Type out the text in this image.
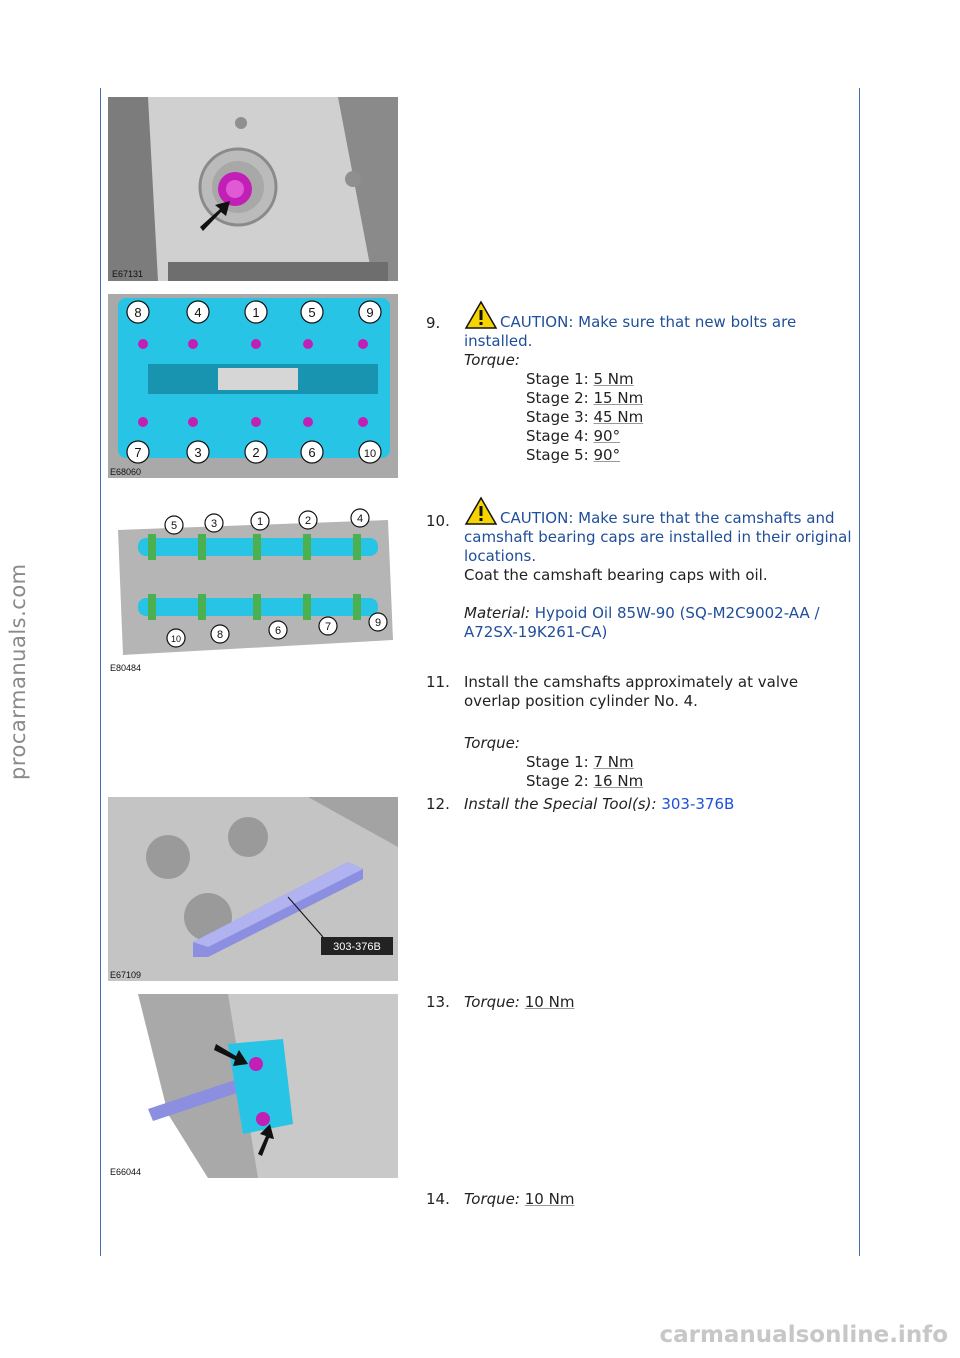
procarmanuals.com
carmanualsonline.info
E67131
8	4	1	5	9
7	3	2	6	10
E68060
5	3	1	2	4
10	8	6	7	9
E80484
303-376B
E67109
E66044
9.	CAUTION: Make sure that new bolts are installed.
Torque:
Stage 1: 5 Nm
Stage 2: 15 Nm
Stage 3: 45 Nm
Stage 4: 90°
Stage 5: 90°
10.	CAUTION: Make sure that the camshafts and camshaft bearing caps are installed in their original locations.
Coat the camshaft bearing caps with oil.
Material: Hypoid Oil 85W-90 (SQ-M2C9002-AA / A72SX-19K261-CA)
11. Install the camshafts approximately at valve overlap position cylinder No. 4.
Torque:
Stage 1: 7 Nm
Stage 2: 16 Nm
12. Install the Special Tool(s): 303-376B
13. Torque: 10 Nm
14. Torque: 10 Nm
